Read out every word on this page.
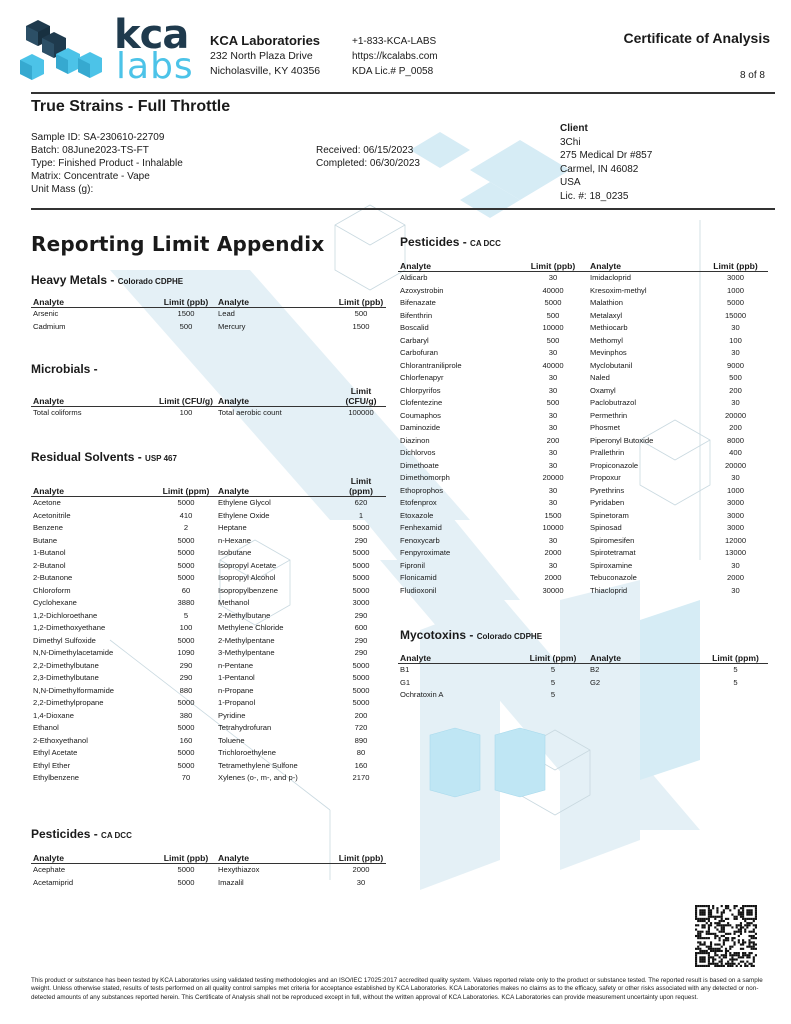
kca
labs
KCA Laboratories
232 North Plaza Drive
Nicholasville, KY 40356
+1-833-KCA-LABS
https://kcalabs.com
KDA Lic.# P_0058
Certificate of Analysis
8 of 8
True Strains - Full Throttle
Sample ID: SA-230610-22709
Batch: 08June2023-TS-FT
Type: Finished Product - Inhalable
Matrix: Concentrate - Vape
Unit Mass (g):
Received: 06/15/2023
Completed: 06/30/2023
Client
3Chi
275 Medical Dr #857
Carmel, IN 46082
USA
Lic. #: 18_0235
Reporting Limit Appendix
Heavy Metals - Colorado CDPHE
Analyte	Limit (ppb)	Analyte	Limit (ppb)
Arsenic	1500	Lead	500
Cadmium	500	Mercury	1500
Microbials -
Analyte	Limit (CFU/g)	Analyte	Limit (CFU/g)
Total coliforms	100	Total aerobic count	100000
Residual Solvents - USP 467
Analyte	Limit (ppm)	Analyte	Limit (ppm)
Acetone	5000	Ethylene Glycol	620
Acetonitrile	410	Ethylene Oxide	1
Benzene	2	Heptane	5000
Butane	5000	n-Hexane	290
1-Butanol	5000	Isobutane	5000
2-Butanol	5000	Isopropyl Acetate	5000
2-Butanone	5000	Isopropyl Alcohol	5000
Chloroform	60	Isopropylbenzene	5000
Cyclohexane	3880	Methanol	3000
1,2-Dichloroethane	5	2-Methylbutane	290
1,2-Dimethoxyethane	100	Methylene Chloride	600
Dimethyl Sulfoxide	5000	2-Methylpentane	290
N,N-Dimethylacetamide	1090	3-Methylpentane	290
2,2-Dimethylbutane	290	n-Pentane	5000
2,3-Dimethylbutane	290	1-Pentanol	5000
N,N-Dimethylformamide	880	n-Propane	5000
2,2-Dimethylpropane	5000	1-Propanol	5000
1,4-Dioxane	380	Pyridine	200
Ethanol	5000	Tetrahydrofuran	720
2-Ethoxyethanol	160	Toluene	890
Ethyl Acetate	5000	Trichloroethylene	80
Ethyl Ether	5000	Tetramethylene Sulfone	160
Ethylbenzene	70	Xylenes (o-, m-, and p-)	2170
Pesticides - CA DCC
Analyte	Limit (ppb)	Analyte	Limit (ppb)
Acephate	5000	Hexythiazox	2000
Acetamiprid	5000	Imazalil	30
Pesticides - CA DCC
Analyte	Limit (ppb)	Analyte	Limit (ppb)
Aldicarb	30	Imidacloprid	3000
Azoxystrobin	40000	Kresoxim-methyl	1000
Bifenazate	5000	Malathion	5000
Bifenthrin	500	Metalaxyl	15000
Boscalid	10000	Methiocarb	30
Carbaryl	500	Methomyl	100
Carbofuran	30	Mevinphos	30
Chlorantraniliprole	40000	Myclobutanil	9000
Chlorfenapyr	30	Naled	500
Chlorpyrifos	30	Oxamyl	200
Clofentezine	500	Paclobutrazol	30
Coumaphos	30	Permethrin	20000
Daminozide	30	Phosmet	200
Diazinon	200	Piperonyl Butoxide	8000
Dichlorvos	30	Prallethrin	400
Dimethoate	30	Propiconazole	20000
Dimethomorph	20000	Propoxur	30
Ethoprophos	30	Pyrethrins	1000
Etofenprox	30	Pyridaben	3000
Etoxazole	1500	Spinetoram	3000
Fenhexamid	10000	Spinosad	3000
Fenoxycarb	30	Spiromesifen	12000
Fenpyroximate	2000	Spirotetramat	13000
Fipronil	30	Spiroxamine	30
Flonicamid	2000	Tebuconazole	2000
Fludioxonil	30000	Thiacloprid	30
Mycotoxins - Colorado CDPHE
Analyte	Limit (ppm)	Analyte	Limit (ppm)
B1	5	B2	5
G1	5	G2	5
Ochratoxin A	5		
This product or substance has been tested by KCA Laboratories using validated testing methodologies and an ISO/IEC 17025:2017 accredited quality system. Values reported relate only to the product or substance tested. The reported result is based on a sample weight. Unless otherwise stated, results of tests performed on all quality control samples met criteria for acceptance established by KCA Laboratories. KCA Laboratories makes no claims as to the efficacy, safety or other risks associated with any detected or non-detected amounts of any substances reported herein. This Certificate of Analysis shall not be reproduced except in full, without the written approval of KCA Laboratories. KCA Laboratories can provide measurement uncertainty upon request.
